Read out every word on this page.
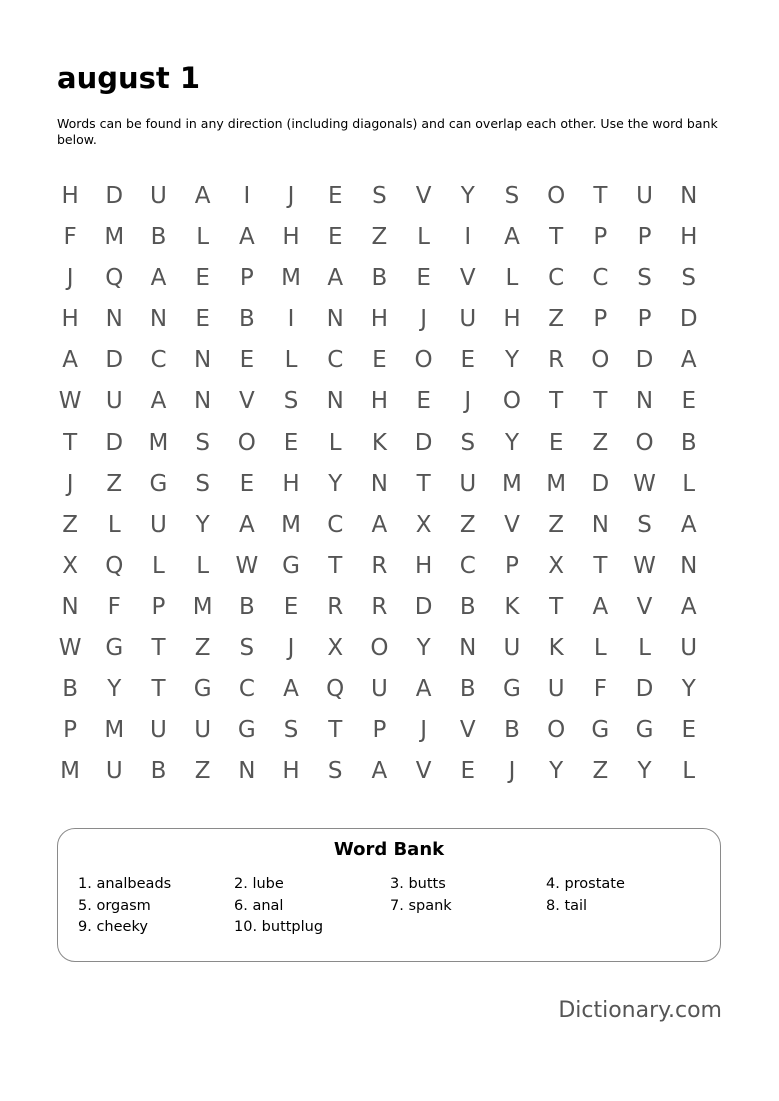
august 1

Words can be found in any direction (including diagonals) and can overlap each other. Use the word bank below.

H	D	U	A	I	J	E	S	V	Y	S	O	T	U	N
F	M	B	L	A	H	E	Z	L	I	A	T	P	P	H
J	Q	A	E	P	M	A	B	E	V	L	C	C	S	S
H	N	N	E	B	I	N	H	J	U	H	Z	P	P	D
A	D	C	N	E	L	C	E	O	E	Y	R	O	D	A
W	U	A	N	V	S	N	H	E	J	O	T	T	N	E
T	D	M	S	O	E	L	K	D	S	Y	E	Z	O	B
J	Z	G	S	E	H	Y	N	T	U	M	M	D	W	L
Z	L	U	Y	A	M	C	A	X	Z	V	Z	N	S	A
X	Q	L	L	W	G	T	R	H	C	P	X	T	W	N
N	F	P	M	B	E	R	R	D	B	K	T	A	V	A
W	G	T	Z	S	J	X	O	Y	N	U	K	L	L	U
B	Y	T	G	C	A	Q	U	A	B	G	U	F	D	Y
P	M	U	U	G	S	T	P	J	V	B	O	G	G	E
M	U	B	Z	N	H	S	A	V	E	J	Y	Z	Y	L
Word Bank
1. analbeads	2. lube	3. butts	4. prostate
5. orgasm	6. anal	7. spank	8. tail
9. cheeky	10. buttplug
Dictionary.com
